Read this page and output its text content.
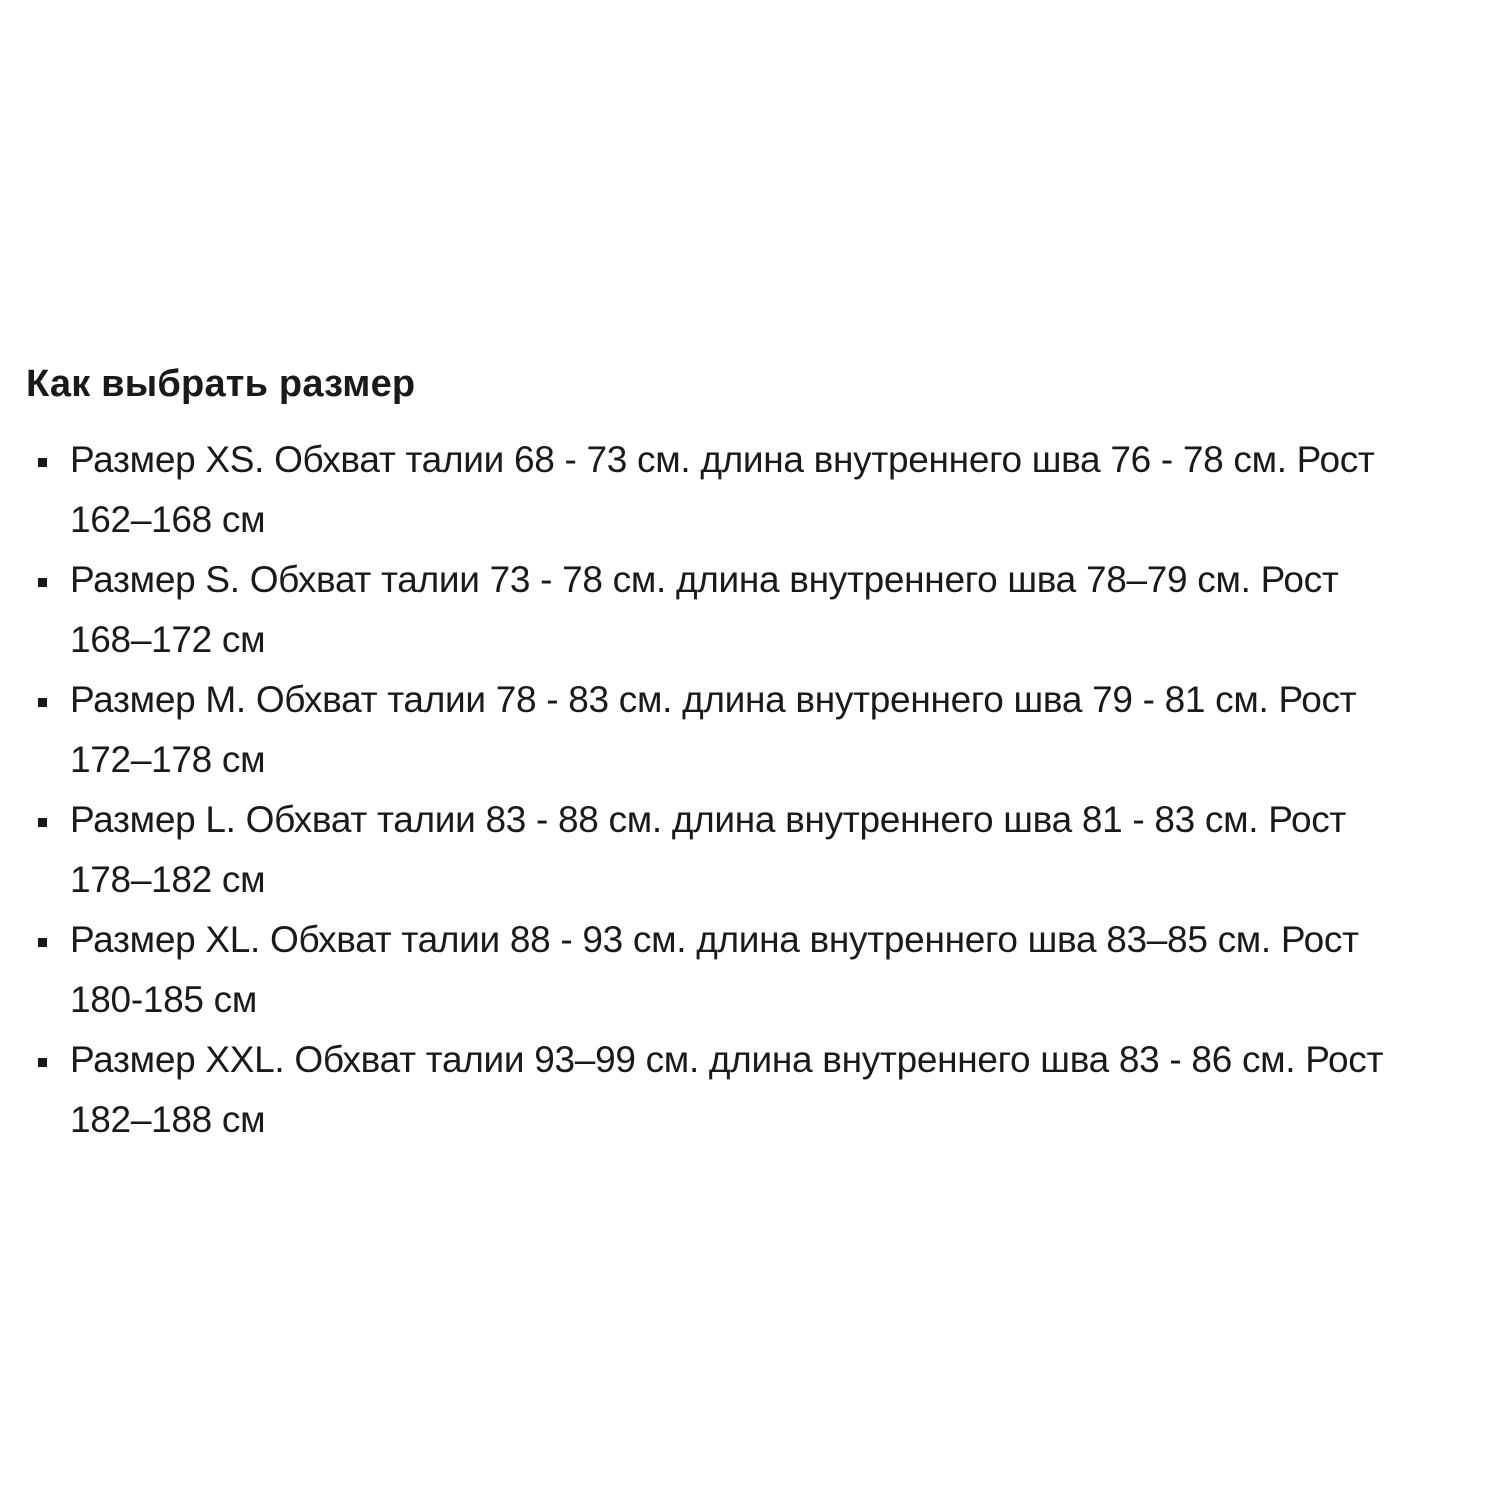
Как выбрать размер
Размер XS. Обхват талии 68 - 73 см. длина внутреннего шва 76 - 78 см. Рост
162–168 см
Размер S. Обхват талии 73 - 78 см. длина внутреннего шва 78–79 см. Рост
168–172 см
Размер M. Обхват талии 78 - 83 см. длина внутреннего шва 79 - 81 см. Рост
172–178 см
Размер L. Обхват талии 83 - 88 см. длина внутреннего шва 81 - 83 см. Рост
178–182 см
Размер XL. Обхват талии 88 - 93 см. длина внутреннего шва 83–85 см. Рост
180-185 см
Размер XXL. Обхват талии 93–99 см. длина внутреннего шва 83 - 86 см. Рост
182–188 см
